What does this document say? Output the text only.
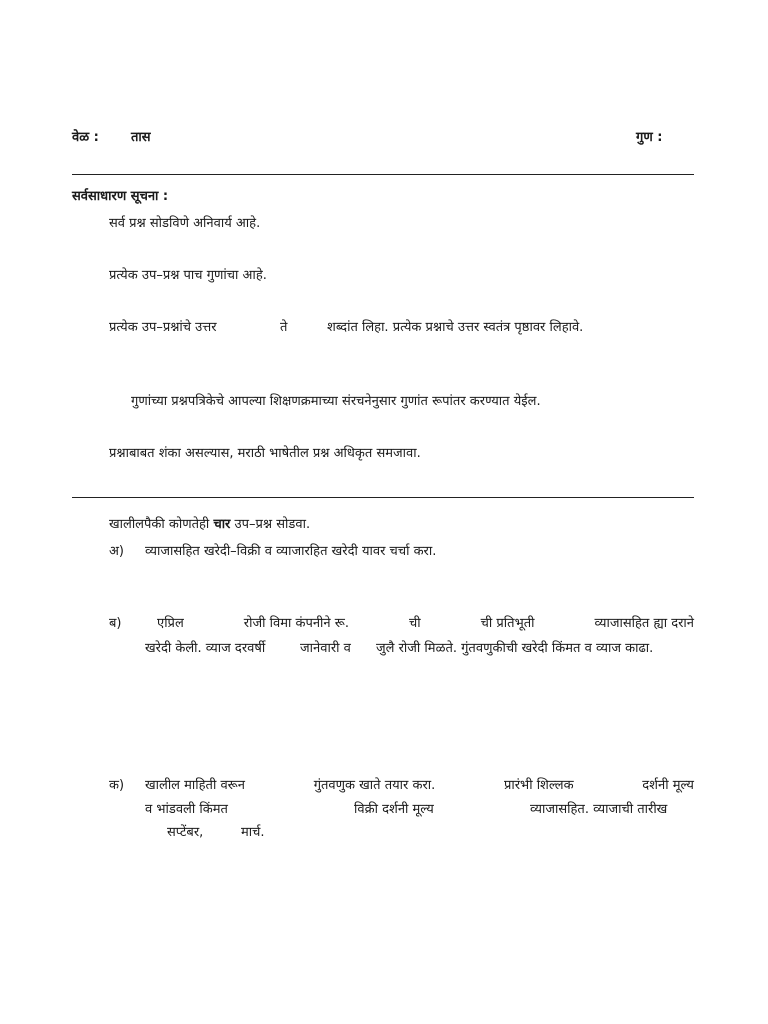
वेळ : तास	गुण :
सर्वसाधारण सूचना :
सर्व प्रश्न सोडविणे अनिवार्य आहे.
प्रत्येक उप–प्रश्न पाच गुणांचा आहे.
प्रत्येक उप–प्रश्नांचे उत्तर	ते	शब्दांत लिहा. प्रत्येक प्रश्नाचे उत्तर स्वतंत्र पृष्ठावर लिहावे.
गुणांच्या प्रश्नपत्रिकेचे आपल्या शिक्षणक्रमाच्या संरचनेनुसार गुणांत रूपांतर करण्यात येईल.
प्रश्नाबाबत शंका असल्यास, मराठी भाषेतील प्रश्न अधिकृत समजावा.
खालीलपैकी कोणतेही चार उप–प्रश्न सोडवा.
अ) व्याजासहित खरेदी–विक्री व व्याजारहित खरेदी यावर चर्चा करा.
ब)	एप्रिल	रोजी विमा कंपनीने रू.	ची	ची प्रतिभूती	व्याजासहित ह्या दराने
खरेदी केली. व्याज दरवर्षी	जानेवारी व जुलै रोजी मिळते. गुंतवणुकीची खरेदी किंमत व व्याज काढा.
क) खालील माहिती वरून	गुंतवणुक खाते तयार करा.	प्रारंभी शिल्लक	दर्शनी मूल्य
व भांडवली किंमत	विक्री दर्शनी मूल्य	व्याजासहित. व्याजाची तारीख
सप्टेंबर,	मार्च.
